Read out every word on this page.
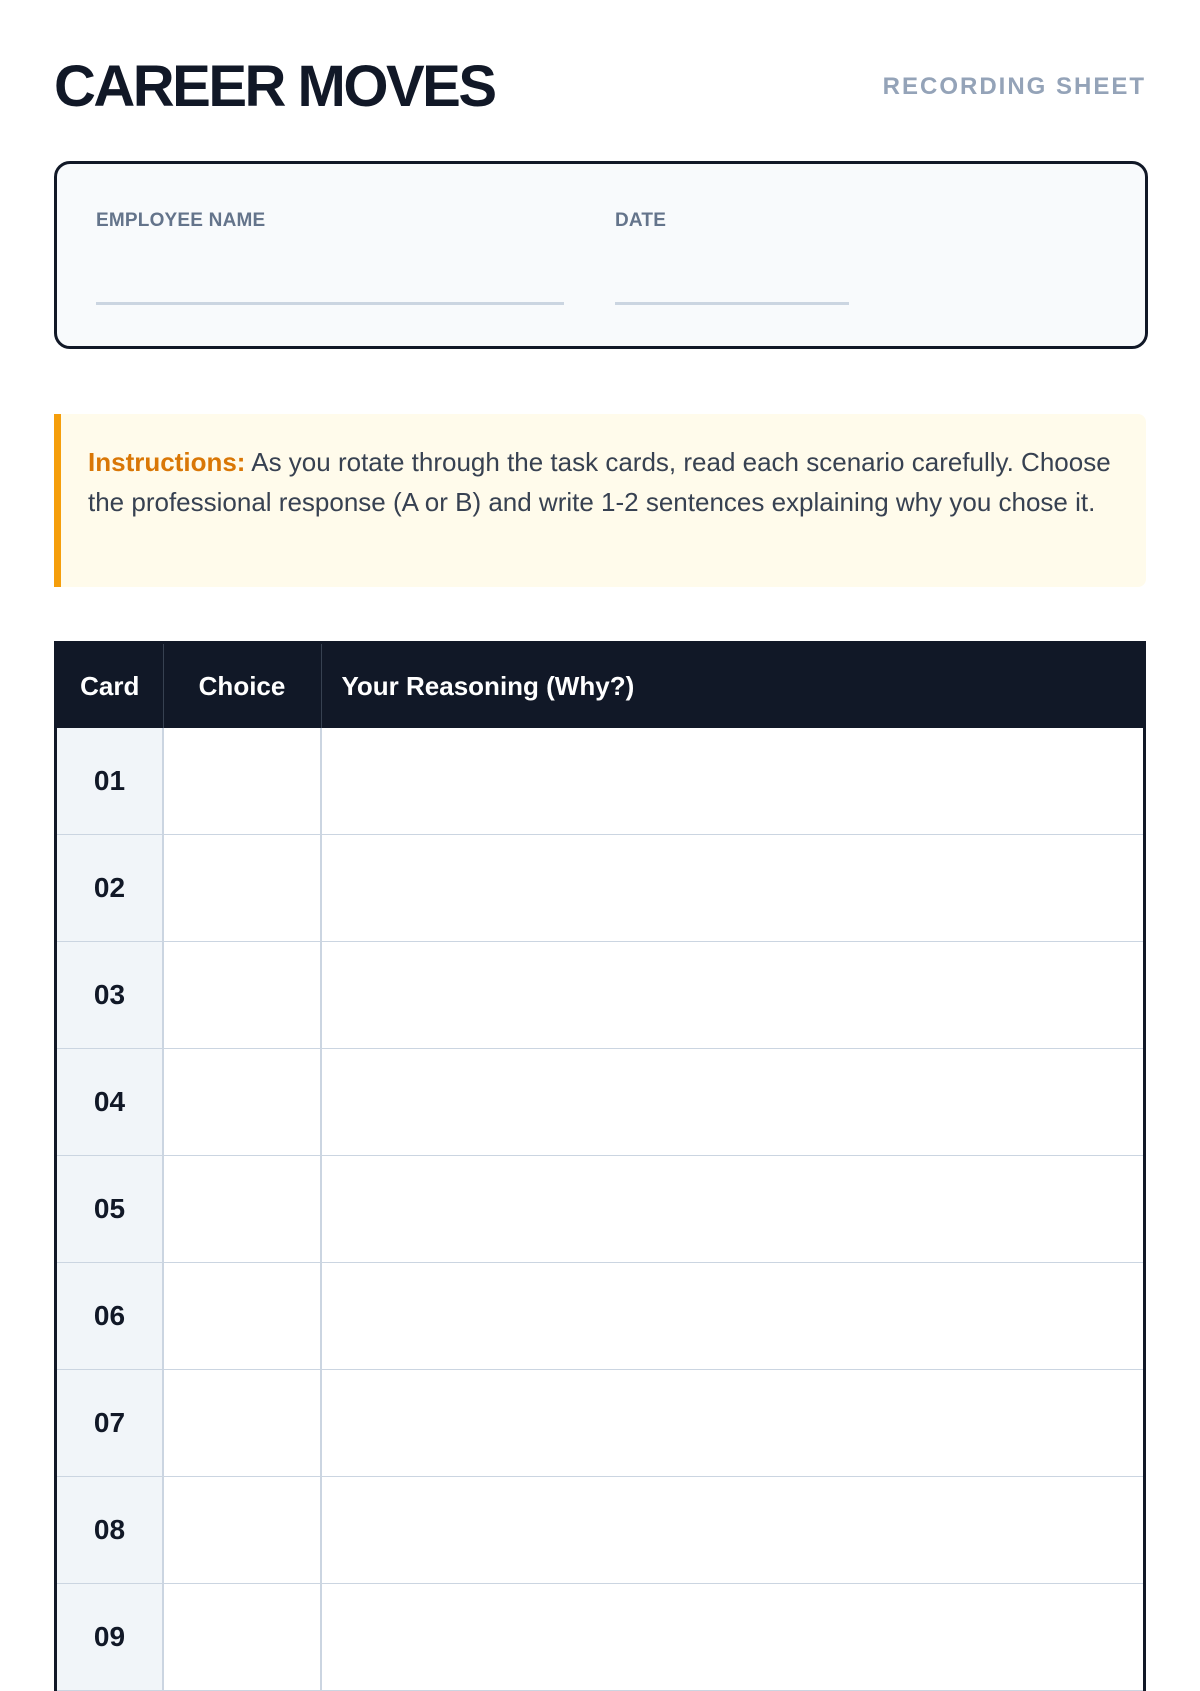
CAREER MOVES	RECORDING SHEET
EMPLOYEE NAME	DATE
Instructions: As you rotate through the task cards, read each scenario carefully. Choose the professional response (A or B) and write 1-2 sentences explaining why you chose it.
Card	Choice	Your Reasoning (Why?)
01		
02		
03		
04		
05		
06		
07		
08		
09		
